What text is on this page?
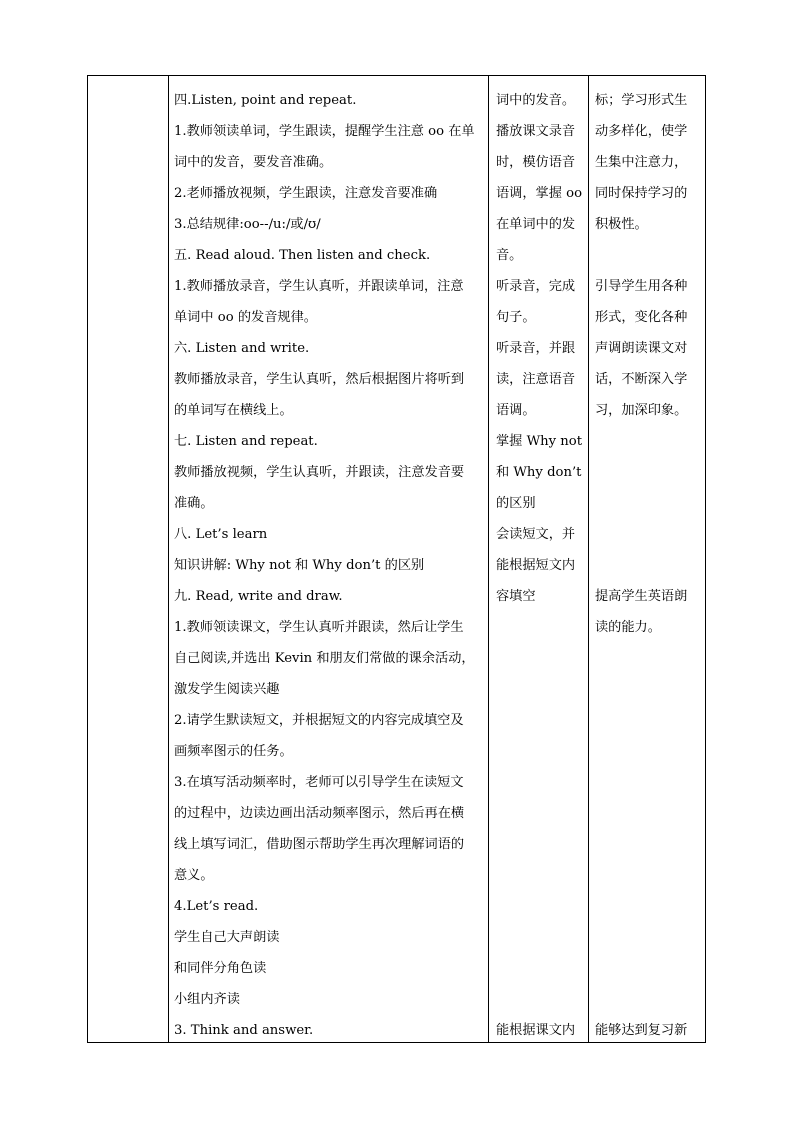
四.Listen, point and repeat.

1.教师领读单词，学生跟读，提醒学生注意 oo 在单

词中的发音，要发音准确。

2.老师播放视频，学生跟读，注意发音要准确

3.总结规律:oo--/u:/或/ʊ/

五. Read aloud. Then listen and check.

1.教师播放录音，学生认真听，并跟读单词，注意

单词中 oo 的发音规律。

六. Listen and write.

教师播放录音，学生认真听，然后根据图片将听到

的单词写在横线上。

七. Listen and repeat.

教师播放视频，学生认真听，并跟读，注意发音要

准确。

八. Let’s learn

知识讲解: Why not 和 Why don’t 的区别

九. Read, write and draw.

1.教师领读课文，学生认真听并跟读，然后让学生

自己阅读,并选出 Kevin 和朋友们常做的课余活动，

激发学生阅读兴趣

2.请学生默读短文，并根据短文的内容完成填空及

画频率图示的任务。

3.在填写活动频率时，老师可以引导学生在读短文

的过程中，边读边画出活动频率图示，然后再在横

线上填写词汇，借助图示帮助学生再次理解词语的

意义。

4.Let’s read.

学生自己大声朗读

和同伴分角色读

小组内齐读

3. Think and answer.

词中的发音。

播放课文录音

时，模仿语音

语调，掌握 oo

在单词中的发

音。

听录音，完成

句子。

听录音，并跟

读，注意语音

语调。

掌握 Why not

和 Why don’t

的区别

会读短文，并

能根据短文内

容填空

能根据课文内

标；学习形式生

动多样化，使学

生集中注意力，

同时保持学习的

积极性。

引导学生用各种

形式，变化各种

声调朗读课文对

话，不断深入学

习，加深印象。

提高学生英语朗

读的能力。

能够达到复习新
